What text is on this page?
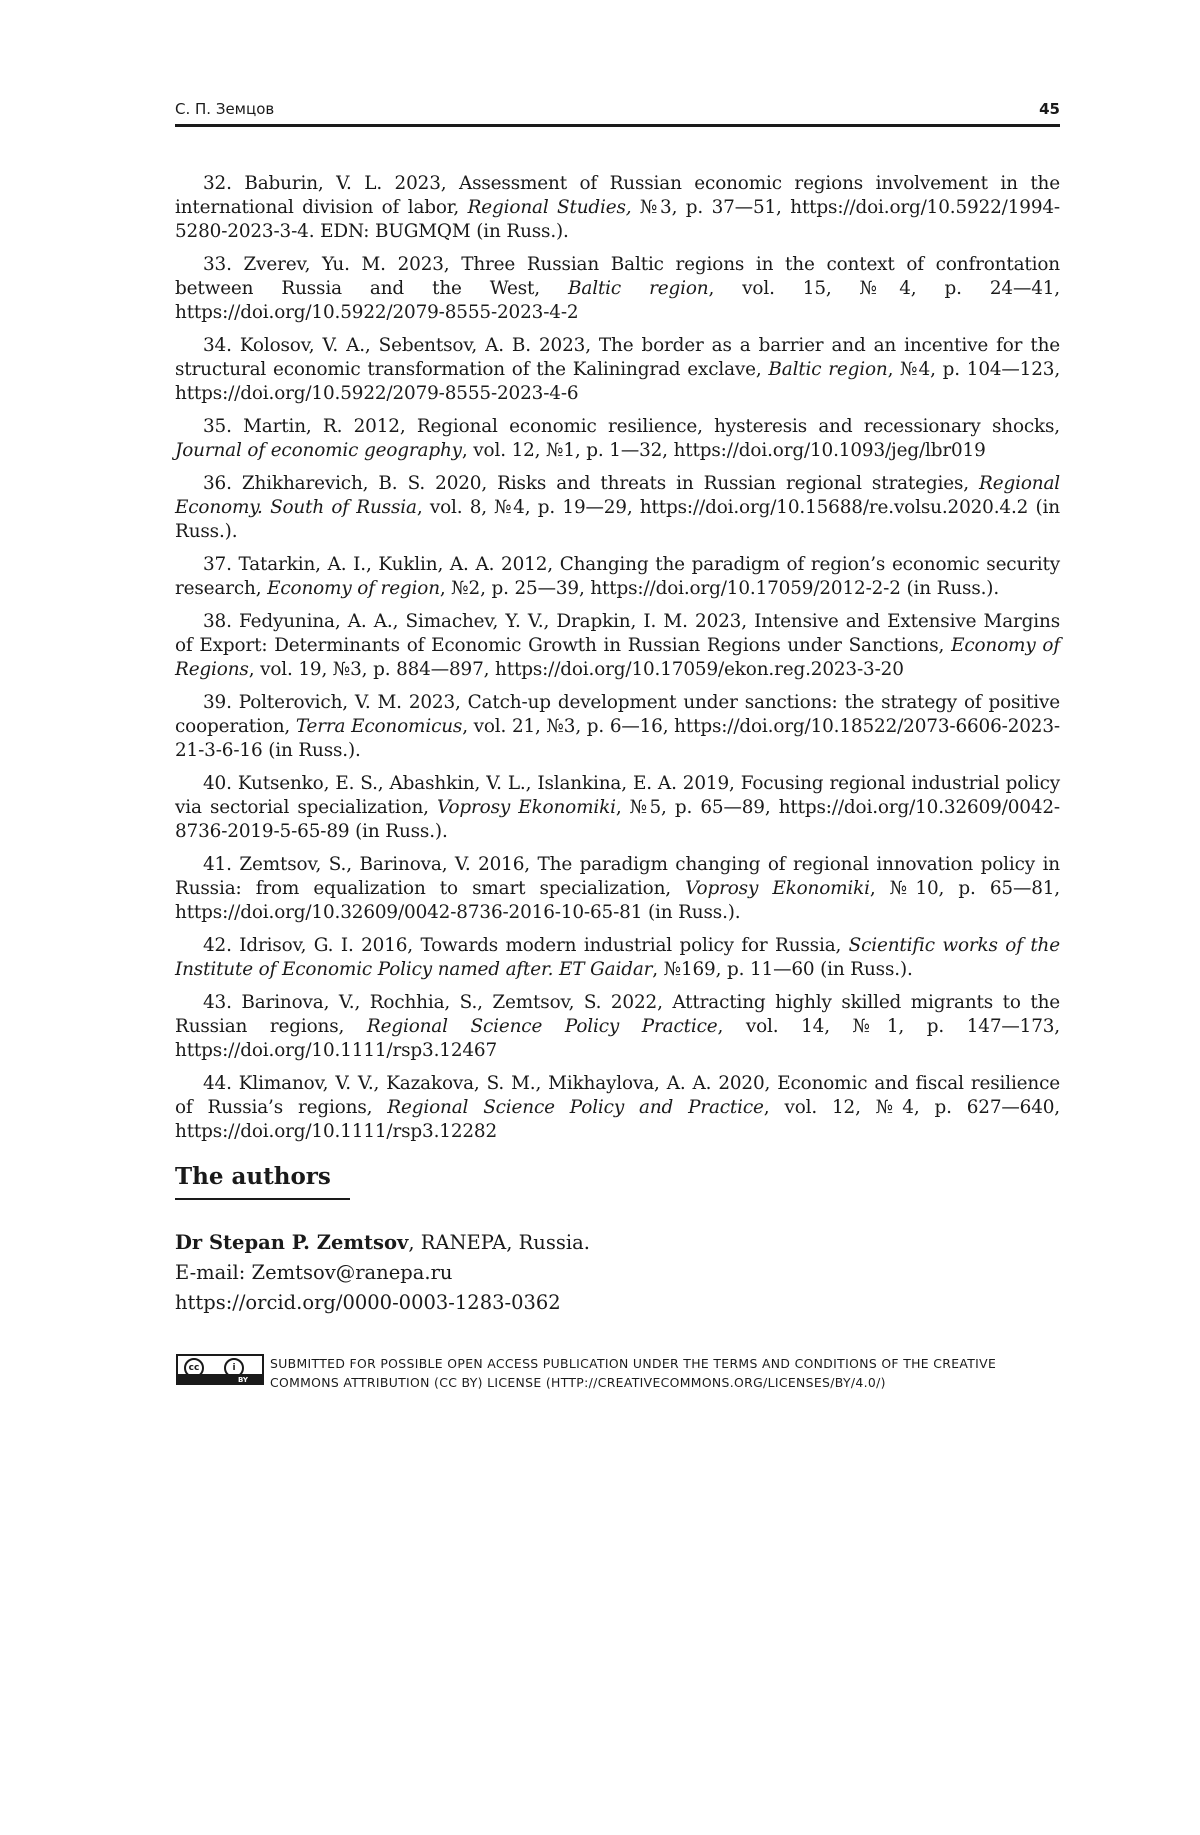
С. П. Земцов	45

32. Baburin, V. L. 2023, Assessment of Russian economic regions involvement in the international division of labor, Regional Studies, №3, p. 37—51, https://doi.org/10.5922/1994-5280-2023-3-4. EDN: BUGMQM (in Russ.).

33. Zverev, Yu. M. 2023, Three Russian Baltic regions in the context of confrontation between Russia and the West, Baltic region, vol. 15, №4, p. 24—41, https://doi.org/10.5922/2079-8555-2023-4-2

34. Kolosov, V. A., Sebentsov, A. B. 2023, The border as a barrier and an incentive for the structural economic transformation of the Kaliningrad exclave, Baltic region, №4, p. 104—123, https://doi.org/10.5922/2079-8555-2023-4-6

35. Martin, R. 2012, Regional economic resilience, hysteresis and recessionary shocks, Journal of economic geography, vol. 12, №1, p. 1—32, https://doi.org/10.1093/jeg/lbr019

36. Zhikharevich, B. S. 2020, Risks and threats in Russian regional strategies, Regional Economy. South of Russia, vol. 8, №4, p. 19—29, https://doi.org/10.15688/re.volsu.2020.4.2 (in Russ.).

37. Tatarkin, A. I., Kuklin, A. A. 2012, Changing the paradigm of region’s economic security research, Economy of region, №2, p. 25—39, https://doi.org/10.17059/2012-2-2 (in Russ.).

38. Fedyunina, A. A., Simachev, Y. V., Drapkin, I. M. 2023, Intensive and Extensive Margins of Export: Determinants of Economic Growth in Russian Regions under Sanctions, Economy of Regions, vol. 19, №3, p. 884—897, https://doi.org/10.17059/ekon.reg.2023-3-20

39. Polterovich, V. M. 2023, Catch-up development under sanctions: the strategy of positive cooperation, Terra Economicus, vol. 21, №3, p. 6—16, https://doi.org/10.18522/2073-6606-2023-21-3-6-16 (in Russ.).

40. Kutsenko, E. S., Abashkin, V. L., Islankina, E. A. 2019, Focusing regional industrial policy via sectorial specialization, Voprosy Ekonomiki, №5, p. 65—89, https://doi.org/10.32609/0042-8736-2019-5-65-89 (in Russ.).

41. Zemtsov, S., Barinova, V. 2016, The paradigm changing of regional innovation policy in Russia: from equalization to smart specialization, Voprosy Ekonomiki, №10, p. 65—81, https://doi.org/10.32609/0042-8736-2016-10-65-81 (in Russ.).

42. Idrisov, G. I. 2016, Towards modern industrial policy for Russia, Scientific works of the Institute of Economic Policy named after. ET Gaidar, №169, p. 11—60 (in Russ.).

43. Barinova, V., Rochhia, S., Zemtsov, S. 2022, Attracting highly skilled migrants to the Russian regions, Regional Science Policy Practice, vol. 14, №1, p. 147—173, https://doi.org/10.1111/rsp3.12467

44. Klimanov, V. V., Kazakova, S. M., Mikhaylova, A. A. 2020, Economic and fiscal resilience of Russia’s regions, Regional Science Policy and Practice, vol. 12, №4, p. 627—640, https://doi.org/10.1111/rsp3.12282

The authors

Dr Stepan P. Zemtsov, RANEPA, Russia.

E-mail: Zemtsov@ranepa.ru

https://orcid.org/0000-0003-1283-0362

cc	i
BY
SUBMITTED FOR POSSIBLE OPEN ACCESS PUBLICATION UNDER THE TERMS AND CONDITIONS OF THE CREATIVE COMMONS ATTRIBUTION (CC BY) LICENSE (HTTP://CREATIVECOMMONS.ORG/LICENSES/BY/4.0/)
